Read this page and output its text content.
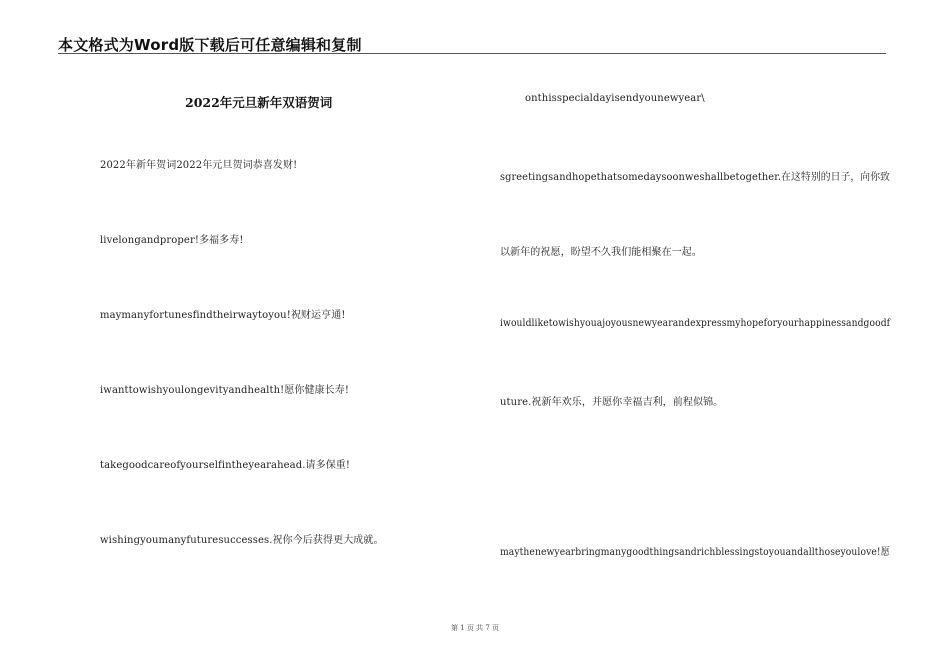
本文格式为Word版下载后可任意编辑和复制
2022年元旦新年双语贺词
2022年新年贺词2022年元旦贺词恭喜发财!
livelongandproper!多福多寿!
maymanyfortunesfindtheirwaytoyou!祝财运亨通!
iwanttowishyoulongevityandhealth!愿你健康长寿!
takegoodcareofyourselfintheyearahead.请多保重!
wishingyoumanyfuturesuccesses.祝你今后获得更大成就。
onthisspecialdayisendyounewyear\
sgreetingsandhopethatsomedaysoonweshallbetogether.在这特别的日子，向你致
以新年的祝愿，盼望不久我们能相聚在一起。
iwouldliketowishyouajoyousnewyearandexpressmyhopeforyourhappinessandgoodf
uture.祝新年欢乐，并愿你幸福吉利，前程似锦。
maythenewyearbringmanygoodthingsandrichblessingstoyouandallthoseyoulove!愿
第 1 页 共 7 页
